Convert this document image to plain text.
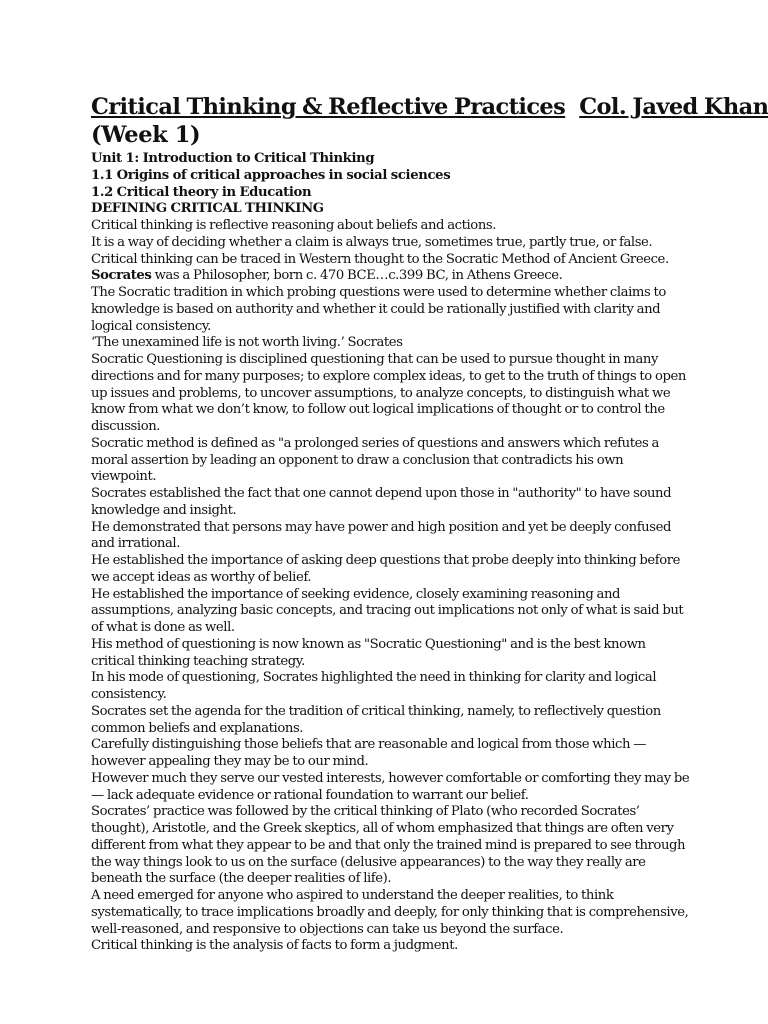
Critical Thinking & Reflective Practices Col. Javed Khan
(Week 1)
Unit 1: Introduction to Critical Thinking
1.1 Origins of critical approaches in social sciences
1.2 Critical theory in Education
DEFINING CRITICAL THINKING

Critical thinking is reflective reasoning about beliefs and actions.

It is a way of deciding whether a claim is always true, sometimes true, partly true, or false.

Critical thinking can be traced in Western thought to the Socratic Method of Ancient Greece.

Socrates was a Philosopher, born c. 470 BCE…c.399 BC, in Athens Greece.

The Socratic tradition in which probing questions were used to determine whether claims to knowledge is based on authority and whether it could be rationally justified with clarity and logical consistency.

‘The unexamined life is not worth living.’ Socrates

Socratic Questioning is disciplined questioning that can be used to pursue thought in many directions and for many purposes; to explore complex ideas, to get to the truth of things to open up issues and problems, to uncover assumptions, to analyze concepts, to distinguish what we know from what we don’t know, to follow out logical implications of thought or to control the discussion.

Socratic method is defined as "a prolonged series of questions and answers which refutes a moral assertion by leading an opponent to draw a conclusion that contradicts his own viewpoint.

Socrates established the fact that one cannot depend upon those in "authority" to have sound knowledge and insight.

He demonstrated that persons may have power and high position and yet be deeply confused and irrational.

He established the importance of asking deep questions that probe deeply into thinking before we accept ideas as worthy of belief.

He established the importance of seeking evidence, closely examining reasoning and assumptions, analyzing basic concepts, and tracing out implications not only of what is said but of what is done as well.

His method of questioning is now known as "Socratic Questioning" and is the best known critical thinking teaching strategy.

In his mode of questioning, Socrates highlighted the need in thinking for clarity and logical consistency.

Socrates set the agenda for the tradition of critical thinking, namely, to reflectively question common beliefs and explanations.

Carefully distinguishing those beliefs that are reasonable and logical from those which — however appealing they may be to our mind.

However much they serve our vested interests, however comfortable or comforting they may be — lack adequate evidence or rational foundation to warrant our belief.

Socrates’ practice was followed by the critical thinking of Plato (who recorded Socrates’ thought), Aristotle, and the Greek skeptics, all of whom emphasized that things are often very different from what they appear to be and that only the trained mind is prepared to see through the way things look to us on the surface (delusive appearances) to the way they really are beneath the surface (the deeper realities of life).

A need emerged for anyone who aspired to understand the deeper realities, to think systematically, to trace implications broadly and deeply, for only thinking that is comprehensive, well-reasoned, and responsive to objections can take us beyond the surface.

Critical thinking is the analysis of facts to form a judgment.
